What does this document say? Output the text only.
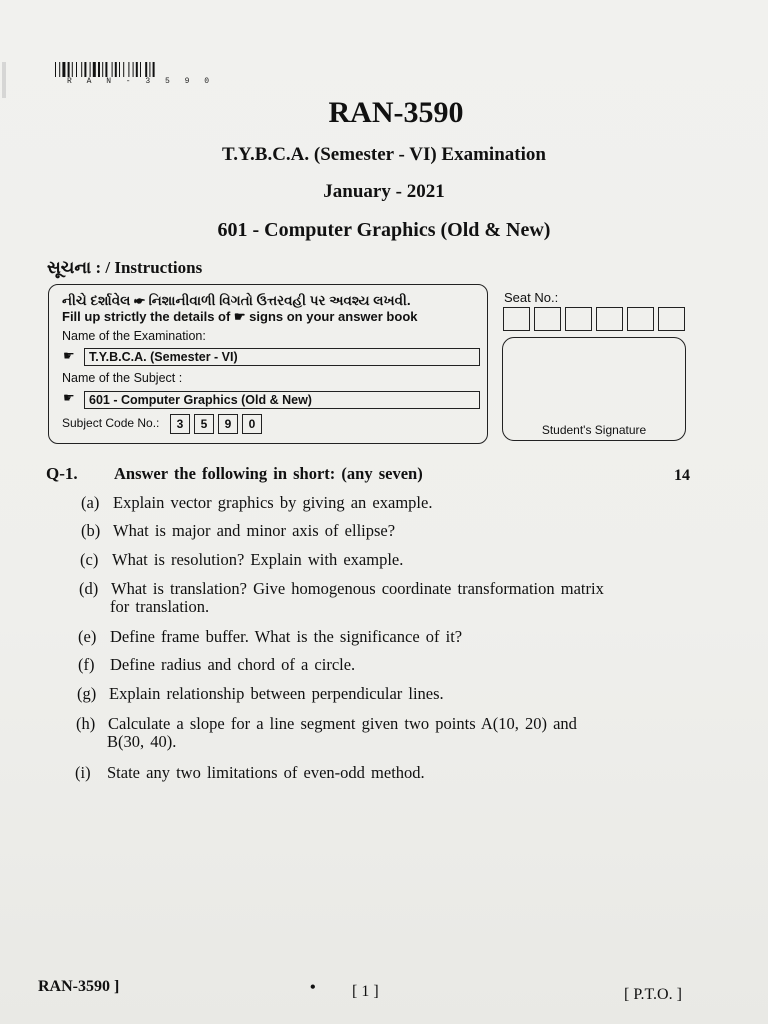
R A N - 3 5 9 0
RAN-3590
T.Y.B.C.A. (Semester - VI) Examination
January - 2021
601 - Computer Graphics (Old & New)
સૂચના : / Instructions
નીચે દર્શાવેલ ☛ નિશાનીવાળી વિગતો ઉત્તરવહી પર અવશ્ય લખવી.
Fill up strictly the details of ☛ signs on your answer book
Name of the Examination:
☛	T.Y.B.C.A. (Semester - VI)
Name of the Subject :
☛	601 - Computer Graphics (Old & New)
Subject Code No.:	3	5	9	0
Seat No.:
Student's Signature
Q-1. Answer the following in short: (any seven)	14
(a) Explain vector graphics by giving an example.
(b) What is major and minor axis of ellipse?
(c) What is resolution? Explain with example.
(d) What is translation? Give homogenous coordinate transformation matrix
for translation.
(e) Define frame buffer. What is the significance of it?
(f) Define radius and chord of a circle.
(g) Explain relationship between perpendicular lines.
(h) Calculate a slope for a line segment given two points A(10, 20) and
B(30, 40).
(i) State any two limitations of even-odd method.
RAN-3590 ]	• [ 1 ]	[ P.T.O. ]
